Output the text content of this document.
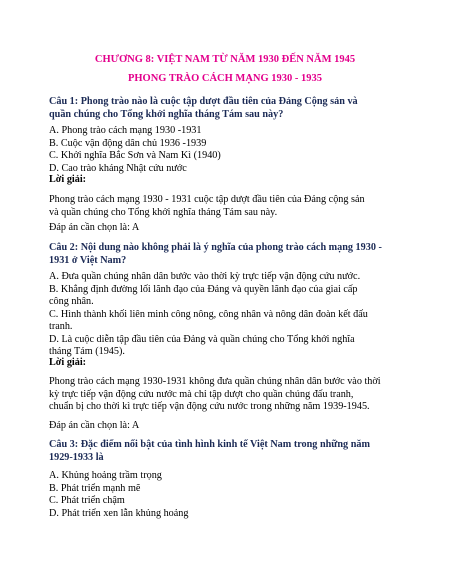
CHƯƠNG 8: VIỆT NAM TỪ NĂM 1930 ĐẾN NĂM 1945
PHONG TRÀO CÁCH MẠNG 1930 - 1935
Câu 1: Phong trào nào là cuộc tập dượt đầu tiên của Đảng Cộng sản và
quần chúng cho Tổng khởi nghĩa tháng Tám sau này?
A. Phong trào cách mạng 1930 -1931
B. Cuộc vận động dân chủ 1936 -1939
C. Khởi nghĩa Bắc Sơn và Nam Kì (1940)
D. Cao trào kháng Nhật cứu nước
Lời giải:
Phong trào cách mạng 1930 - 1931 cuộc tập dượt đầu tiên của Đảng cộng sản
và quần chúng cho Tổng khởi nghĩa tháng Tám sau này.
Đáp án cần chọn là: A
Câu 2: Nội dung nào không phải là ý nghĩa của phong trào cách mạng 1930 -
1931 ở Việt Nam?
A. Đưa quần chúng nhân dân bước vào thời kỳ trực tiếp vận động cứu nước.
B. Khẳng định đường lối lãnh đạo của Đảng và quyền lãnh đạo của giai cấp
công nhân.
C. Hình thành khối liên minh công nông, công nhân và nông dân đoàn kết đấu
tranh.
D. Là cuộc diễn tập đầu tiên của Đảng và quần chúng cho Tổng khởi nghĩa
tháng Tám (1945).
Lời giải:
Phong trào cách mạng 1930-1931 không đưa quần chúng nhân dân bước vào thời
kỳ trực tiếp vận động cứu nước mà chỉ tập dượt cho quần chúng đấu tranh,
chuẩn bị cho thời kì trực tiếp vận động cứu nước trong những năm 1939-1945.
Đáp án cần chọn là: A
Câu 3: Đặc điểm nổi bật của tình hình kinh tế Việt Nam trong những năm
1929-1933 là
A. Khủng hoảng trầm trọng
B. Phát triển mạnh mẽ
C. Phát triển chậm
D. Phát triển xen lẫn khủng hoảng
